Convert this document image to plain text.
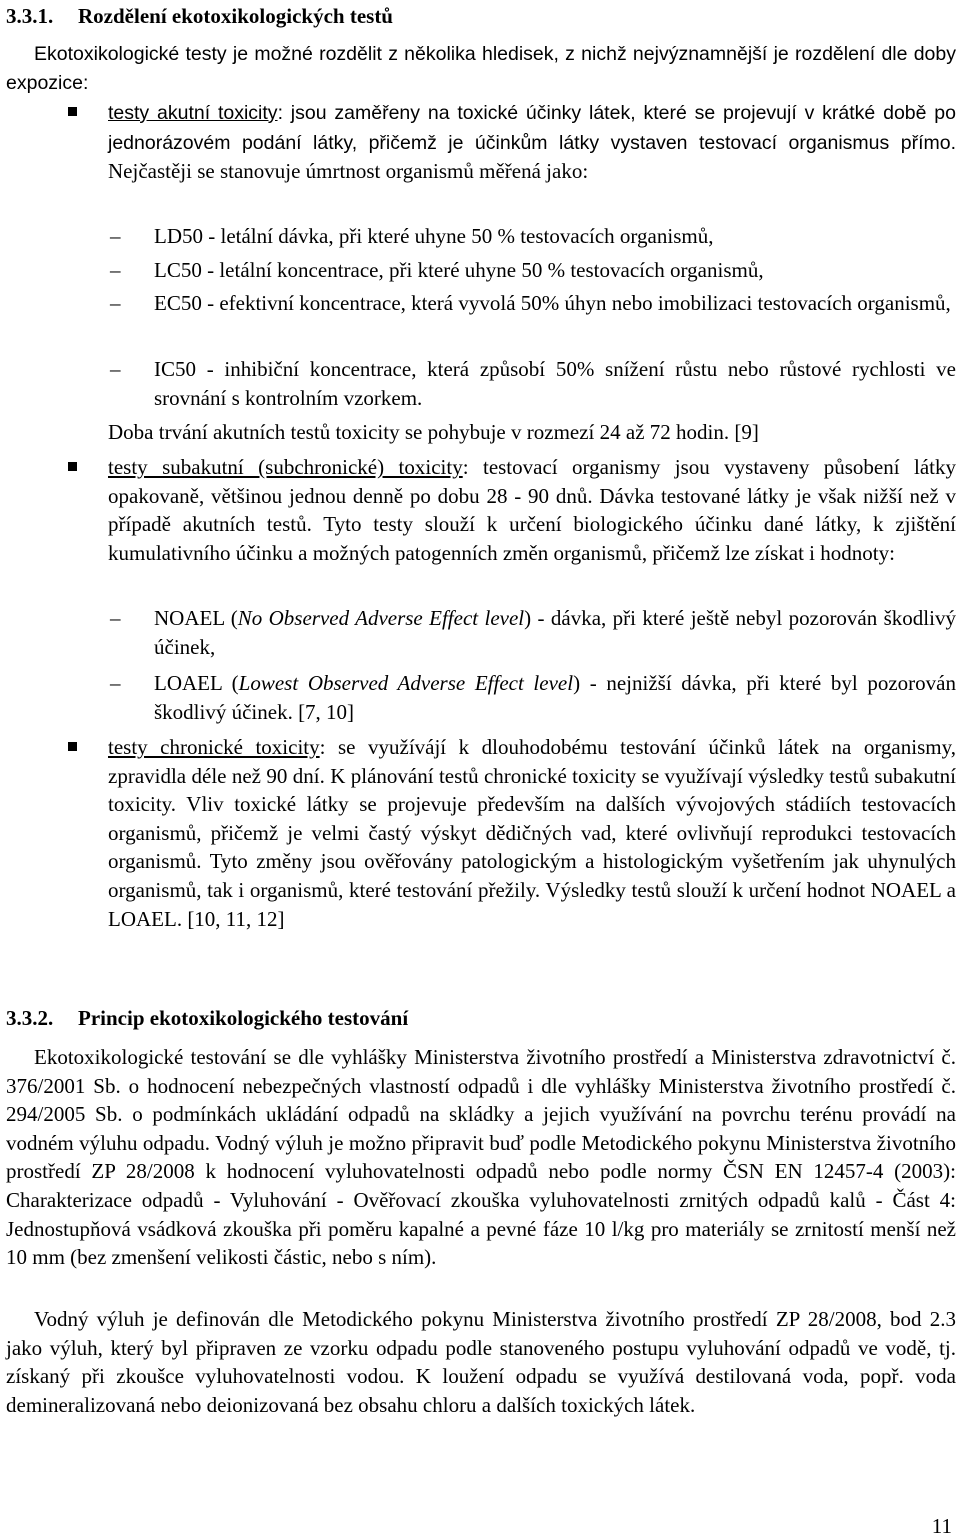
3.3.1. Rozdělení ekotoxikologických testů
Ekotoxikologické testy je možné rozdělit z několika hledisek, z nichž nejvýznamnější je rozdělení dle doby expozice:
testy akutní toxicity: jsou zaměřeny na toxické účinky látek, které se projevují v krátké době po jednorázovém podání látky, přičemž je účinkům látky vystaven testovací organismus přímo. Nejčastěji se stanovuje úmrtnost organismů měřená jako:
– LD50 - letální dávka, při které uhyne 50 % testovacích organismů,
– LC50 - letální koncentrace, při které uhyne 50 % testovacích organismů,
– EC50 - efektivní koncentrace, která vyvolá 50% úhyn nebo imobilizaci testovacích organismů,
– IC50 - inhibiční koncentrace, která způsobí 50% snížení růstu nebo růstové rychlosti ve srovnání s kontrolním vzorkem.
Doba trvání akutních testů toxicity se pohybuje v rozmezí 24 až 72 hodin. [9]
testy subakutní (subchronické) toxicity: testovací organismy jsou vystaveny působení látky opakovaně, většinou jednou denně po dobu 28 - 90 dnů. Dávka testované látky je však nižší než v případě akutních testů. Tyto testy slouží k určení biologického účinku dané látky, k zjištění kumulativního účinku a možných patogenních změn organismů, přičemž lze získat i hodnoty:
– NOAEL (No Observed Adverse Effect level) - dávka, při které ještě nebyl pozorován škodlivý účinek,
– LOAEL (Lowest Observed Adverse Effect level) - nejnižší dávka, při které byl pozorován škodlivý účinek. [7, 10]
testy chronické toxicity: se využívájí k dlouhodobému testování účinků látek na organismy, zpravidla déle než 90 dní. K plánování testů chronické toxicity se využívají výsledky testů subakutní toxicity. Vliv toxické látky se projevuje především na dalších vývojových stádiích testovacích organismů, přičemž je velmi častý výskyt dědičných vad, které ovlivňují reprodukci testovacích organismů. Tyto změny jsou ověřovány patologickým a histologickým vyšetřením jak uhynulých organismů, tak i organismů, které testování přežily. Výsledky testů slouží k určení hodnot NOAEL a LOAEL. [10, 11, 12]
3.3.2. Princip ekotoxikologického testování
Ekotoxikologické testování se dle vyhlášky Ministerstva životního prostředí a Ministerstva zdravotnictví č. 376/2001 Sb. o hodnocení nebezpečných vlastností odpadů i dle vyhlášky Ministerstva životního prostředí č. 294/2005 Sb. o podmínkách ukládání odpadů na skládky a jejich využívání na povrchu terénu provádí na vodném výluhu odpadu. Vodný výluh je možno připravit buď podle Metodického pokynu Ministerstva životního prostředí ZP 28/2008 k hodnocení vyluhovatelnosti odpadů nebo podle normy ČSN EN 12457-4 (2003): Charakterizace odpadů - Vyluhování - Ověřovací zkouška vyluhovatelnosti zrnitých odpadů kalů - Část 4: Jednostupňová vsádková zkouška při poměru kapalné a pevné fáze 10 l/kg pro materiály se zrnitostí menší než 10 mm (bez zmenšení velikosti částic, nebo s ním).
Vodný výluh je definován dle Metodického pokynu Ministerstva životního prostředí ZP 28/2008, bod 2.3 jako výluh, který byl připraven ze vzorku odpadu podle stanoveného postupu vyluhování odpadů ve vodě, tj. získaný při zkoušce vyluhovatelnosti vodou. K loužení odpadu se využívá destilovaná voda, popř. voda demineralizovaná nebo deionizovaná bez obsahu chloru a dalších toxických látek.
11
